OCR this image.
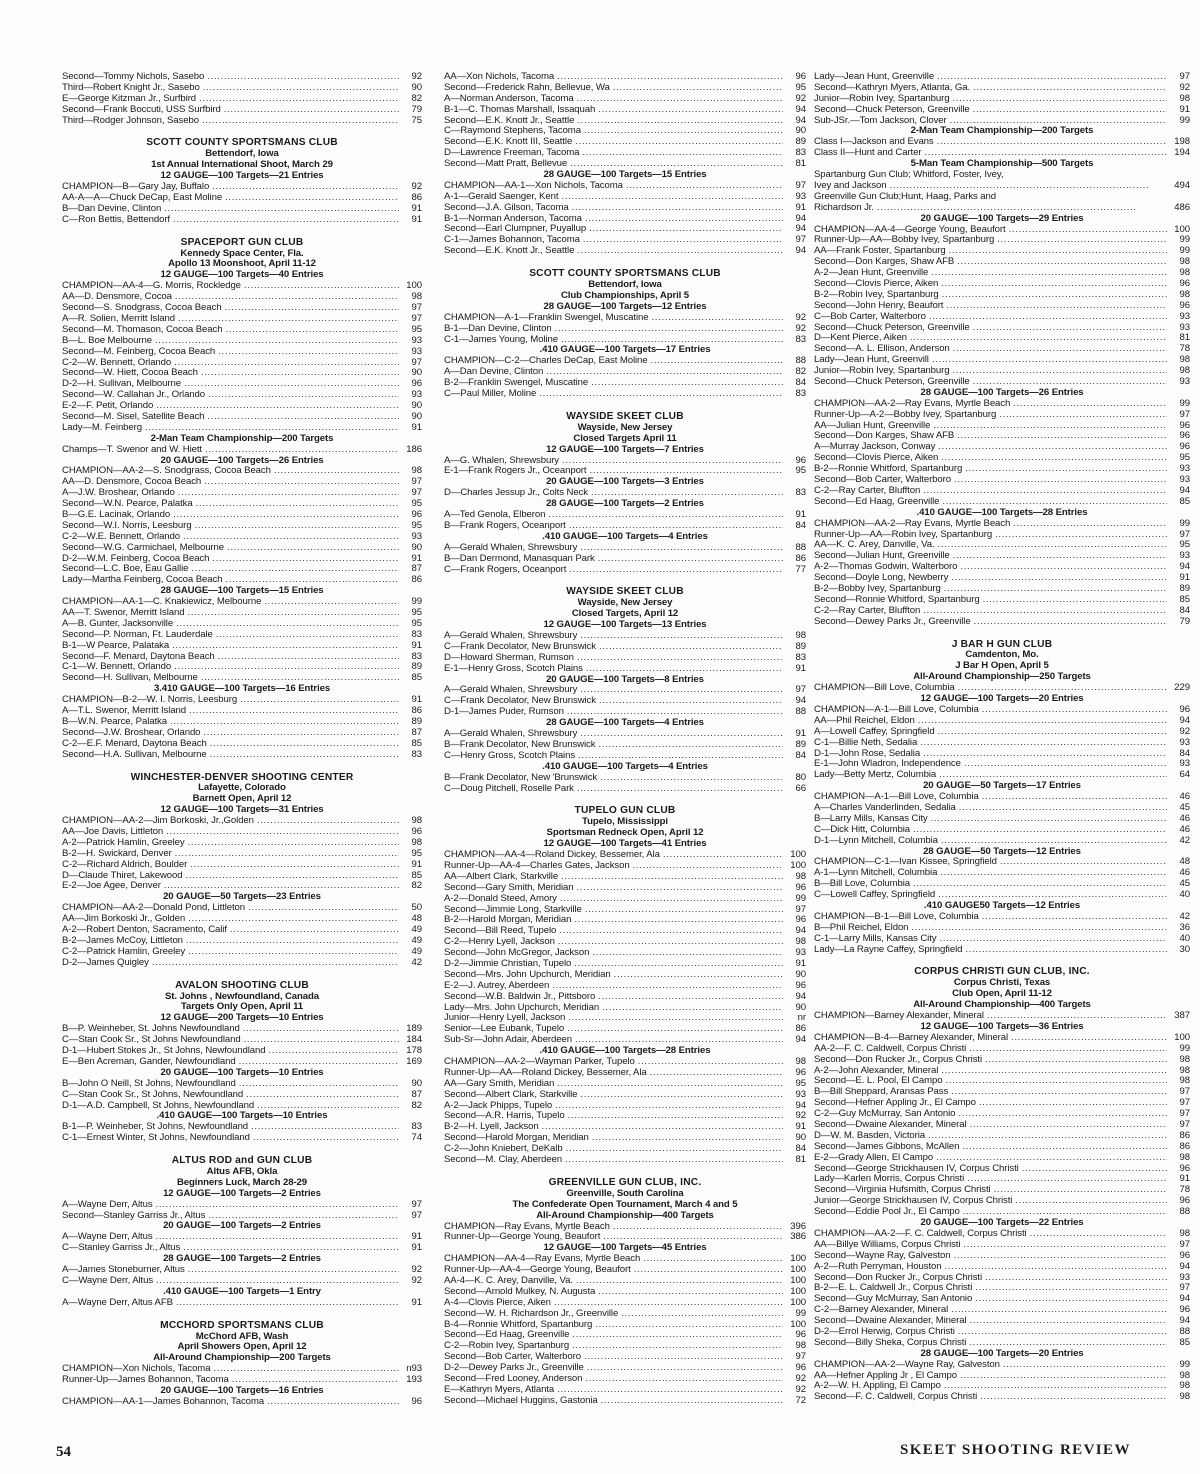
Second—Tommy Nichols, Sasebo . . .	92
Third—Robert Knight Jr., Sasebo . . .	90
E—George Kitzman Jr., Surfbird . . .	82
Second—Frank Boccuti, USS Surfbird . . .	79
Third—Rodger Johnson, Sasebo . . .	75
SCOTT COUNTY SPORTSMANS CLUB
Bettendorf, Iowa
1st Annual International Shoot, March 29
12 GAUGE—100 Targets—21 Entries
CHAMPION—B—Gary Jay, Buffalo . . .	92
AA-A—A—Chuck DeCap, East Moline . . .	86
B—Dan Devine, Clinton . . .	91
C—Ron Bettis, Bettendorf . . .	91
SPACEPORT GUN CLUB
Kennedy Space Center, Fla.
Apollo 13 Moonshoot, April 11-12
12 GAUGE—100 Targets—40 Entries
CHAMPION—AA-4—G. Morris, Rockledge . . .	100
AA—D. Densmore, Cocoa . . .	98
Second—S. Snodgrass, Cocoa Beach . . .	97
A—R. Solien, Merritt Island . . .	97
Second—M. Thomason, Cocoa Beach . . .	95
B—L. Boe Melbourne . . .	93
Second—M. Feinberg, Cocoa Beach . . .	93
C-2—W. Bennett, Orlando . . .	97
Second—W. Hiett, Cocoa Beach . . .	90
D-2—H. Sullivan, Melbourne . . .	96
Second—W. Callahan Jr., Orlando . . .	93
E-2—F. Petit, Orlando . . .	90
Second—M. Sisel, Satellite Beach . . .	90
Lady—M. Feinberg . . .	91
2-Man Team Championship—200 Targets
Champs—T. Swenor and W. Hiett . . .	186
20 GAUGE—100 Targets—26 Entries
CHAMPION—AA-2—S. Snodgrass, Cocoa Beach . . .	98
AA—D. Densmore, Cocoa Beach . . .	97
A—J.W. Broshear, Orlando . . .	97
Second—W.N. Pearce, Palatka . . .	95
B—G.E. Lacinak, Orlando . . .	96
Second—W.I. Norris, Leesburg . . .	95
C-2—W.E. Bennett, Orlando . . .	93
Second—W.G. Carmichael, Melbourne . . .	90
D-2—W.M. Feinberg, Cocoa Beach . . .	91
Second—L.C. Boe, Eau Gallie . . .	87
Lady—Martha Feinberg, Cocoa Beach . . .	86
28 GAUGE—100 Targets—15 Entries
CHAMPION—AA-1—C. Knakiewicz, Melbourne . . .	99
AA—T. Swenor, Merritt Island . . .	95
A—B. Gunter, Jacksonville . . .	95
Second—P. Norman, Ft. Lauderdale . . .	83
B-1—W Pearce, Palataka . . .	91
Second—F. Menard, Daytona Beach . . .	83
C-1—W. Bennett, Orlando . . .	89
Second—H. Sullivan, Melbourne . . .	85
3.410 GAUGE—100 Targets—16 Entries
CHAMPION—B-2—W. I. Norris, Leesburg . . .	91
A—T.L. Swenor, Merritt Island . . .	86
B—W.N. Pearce, Palatka . . .	89
Second—J.W. Broshear, Orlando . . .	87
C-2—E.F. Menard, Daytona Beach . . .	85
Second—H.A. Sullivan, Melbourne . . .	83
WINCHESTER-DENVER SHOOTING CENTER
Lafayette, Colorado
Barnett Open, April 12
12 GAUGE—100 Targets—31 Entries
CHAMPION—AA-2—Jim Borkoski, Jr.,Golden . . .	98
AA—Joe Davis, Littleton . . .	96
A-2—Patrick Hamlin, Greeley . . .	98
B-2—H. Swickard, Denver . . .	95
C-2—Richard Aldrich, Boulder . . .	91
D—Claude Thiret, Lakewood . . .	85
E-2—Joe Agee, Denver . . .	82
20 GAUGE—50 Targets—23 Entries
CHAMPION—AA-2—Donald Pond, Littleton . . .	50
AA—Jim Borkoski Jr., Golden . . .	48
A-2—Robert Denton, Sacramento, Calif . . .	49
B-2—James McCoy, Littleton . . .	49
C-2—Patrick Hamlin, Greeley . . .	49
D-2—James Quigley . . .	42
AVALON SHOOTING CLUB
St. Johns , Newfoundland, Canada
Targets Only Open, April 11
12 GAUGE—200 Targets—10 Entries
B—P. Weinheber, St. Johns Newfoundland . . .	189
C—Stan Cook Sr., St Johns Newfoundland . . .	184
D-1—Hubert Stokes Jr., St Johns, Newfoundland . . .	178
E—Ben Acreman, Gander, Newfoundland . . .	169
20 GAUGE—100 Targets—10 Entries
B—John O Neill, St Johns, Newfoundland . . .	90
C—Stan Cook Sr., St Johns, Newfoundland . . .	87
D-1—A.D. Campbell, St Johns, Newfoundland . . .	82
.410 GAUGE—100 Targets—10 Entries
B-1—P. Weinheber, St Johns, Newfoundland . . .	83
C-1—Ernest Winter, St Johns, Newfoundland . . .	74
ALTUS ROD and GUN CLUB
Altus AFB, Okla
Beginners Luck, March 28-29
12 GAUGE—100 Targets—2 Entries
A—Wayne Derr, Altus . . .	97
Second—Stanley Garriss Jr., Altus . . .	97
20 GAUGE—100 Targets—2 Entries
A—Wayne Derr, Altus . . .	91
C—Stanley Garriss Jr., Altus . . .	91
28 GAUGE—100 Targets—2 Entries
A—James Stoneburner, Altus . . .	92
C—Wayne Derr, Altus . . .	92
.410 GAUGE—100 Targets—1 Entry
A—Wayne Derr, Altus AFB . . .	91
MCCHORD SPORTSMANS CLUB
McChord AFB, Wash
April Showers Open, April 12
All-Around Championship—200 Targets
CHAMPION—Xon Nichols, Tacoma . . .	n93
Runner-Up—James Bohannon, Tacoma . . .	193
20 GAUGE—100 Targets—16 Entries
CHAMPION—AA-1—James Bohannon, Tacoma . . .	96
AA—Xon Nichols, Tacoma . . .	96
Second—Frederick Rahn, Bellevue, Wa . . .	95
A—Norman Anderson, Tacoma . . .	92
B-1—C. Thomas Marshall, Issaquah . . .	94
Second—E.K. Knott Jr., Seattle . . .	94
C—Raymond Stephens, Tacoma . . .	90
Second—E.K. Knott III, Seattle . . .	89
D—Lawrence Freeman, Tacoma . . .	83
Second—Matt Pratt, Bellevue . . .	81
28 GAUGE—100 Targets—15 Entries
CHAMPION—AA-1—Xon Nichols, Tacoma . . .	97
A-1—Gerald Saenger, Kent . . .	93
Second—J.A. Gilson, Tacoma . . .	91
B-1—Norman Anderson, Tacoma . . .	94
Second—Earl Clumpner, Puyallup . . .	94
C-1—James Bohannon, Tacoma . . .	97
Second—E.K. Knott Jr., Seattle . . .	94
SCOTT COUNTY SPORTSMANS CLUB
Bettendorf, Iowa
Club Championships, April 5
28 GAUGE—100 Targets—12 Entries
CHAMPION—A-1—Franklin Swengel, Muscatine . . .	92
B-1—Dan Devine, Clinton . . .	92
C-1—James Young, Moline . . .	83
.410 GAUGE—100 Targets—17 Entries
CHAMPION—C-2—Charles DeCap, East Moline . . .	88
A—Dan Devine, Clinton . . .	82
B-2—Franklin Swengel, Muscatine . . .	84
C—Paul Miller, Moline . . .	83
WAYSIDE SKEET CLUB
Wayside, New Jersey
Closed Targets April 11
12 GAUGE—100 Targets—7 Entries
A—G. Whalen, Shrewsbury . . .	96
E-1—Frank Rogers Jr., Oceanport . . .	95
20 GAUGE—100 Targets—3 Entries
D—Charles Jessup Jr., Colts Neck . . .	83
28 GAUGE—100 Targets—2 Entries
A—Ted Genola, Elberon . . .	91
B—Frank Rogers, Oceanport . . .	84
.410 GAUGE—100 Targets—4 Entries
A—Gerald Whalen, Shrewsbury . . .	88
B—Dan Dermond, Manasquan Park . . .	86
C—Frank Rogers, Oceanport . . .	77
WAYSIDE SKEET CLUB
Wayside, New Jersey
Closed Targets, April 12
12 GAUGE—100 Targets—13 Entries
A—Gerald Whalen, Shrewsbury . . .	98
C—Frank Decolator, New Brunswick . . .	89
D—Howard Sherman, Rumson . . .	83
E-1—Henry Gross, Scotch Plains . . .	91
20 GAUGE—100 Targets—8 Entries
A—Gerald Whalen, Shrewsbury . . .	97
C—Frank Decolator, New Brunswick . . .	94
D-1—James Puder, Rumson . . .	88
28 GAUGE—100 Targets—4 Entries
A—Gerald Whalen, Shrewsbury . . .	91
B—Frank Decolator, New Brunswick . . .	89
C—Henry Gross, Scotch Plains . . .	84
.410 GAUGE—100 Targets—4 Entries
B—Frank Decolator, New 'Brunswick . . .	80
C—Doug Pitchell, Roselle Park . . .	66
TUPELO GUN CLUB
Tupelo, Mississippi
Sportsman Redneck Open, April 12
12 GAUGE—100 Targets—41 Entries
CHAMPION—AA-4—Roland Dickey, Bessemer, Ala . . .	100
Runner-Up—AA-4—Charles Gates, Jackson . . .	100
AA—Albert Clark, Starkville . . .	98
Second—Gary Smith, Meridian . . .	96
A-2—Donald Steed, Amory . . .	99
Second—Jimmie Long, Starkville . . .	97
B-2—Harold Morgan, Meridian . . .	96
Second—Bill Reed, Tupelo . . .	94
C-2—Henry Lyell, Jackson . . .	98
Second—John McGregor, Jackson . . .	93
D-2—Jimmie Christian, Tupelo . . .	91
Second—Mrs. John Upchurch, Meridian . . .	90
E-2—J. Autrey, Aberdeen . . .	96
Second—W.B. Baldwin Jr., Pittsboro . . .	94
Lady—Mrs. John Upchurch, Meridian . . .	90
Junior—Henry Lyell, Jackson . . .	nr
Senior—Lee Eubank, Tupelo . . .	86
Sub-Sr—John Adair, Aberdeen . . .	94
.410 GAUGE—100 Targets—28 Entries
CHAMPION—AA-2—Wayman Parker, Tupelo . . .	98
Runner-Up—AA—Roland Dickey, Bessemer, Ala . . .	96
AA—Gary Smith, Meridian . . .	95
Second—Albert Clark, Starkville . . .	93
A-2—Jack Phipps, Tupelo . . .	94
Second—A.R. Harris, Tupelo . . .	92
B-2—H. Lyell, Jackson . . .	91
Second—Harold Morgan, Meridian . . .	90
C-2—John Kniebert, DeKalb . . .	84
Second—M. Clay, Aberdeen . . .	81
GREENVILLE GUN CLUB, INC.
Greenville, South Carolina
The Confederate Open Tournament, March 4 and 5
All-Around Championship—400 Targets
CHAMPION—Ray Evans, Myrtle Beach . . .	396
Runner-Up—George Young, Beaufort . . .	386
12 GAUGE—100 Targets—45 Entries
CHAMPION—AA-4—Ray Evans, Myrtle Beach . . .	100
Runner-Up—AA-4—George Young, Beaufort . . .	100
AA-4—K. C. Arey, Danville, Va. . . .	100
Second—Arnold Mulkey, N. Augusta . . .	100
A-4—Clovis Pierce, Aiken . . .	100
Second—W. H. Richardson Jr., Greenville . . .	99
B-4—Ronnie Whitford, Spartanburg . . .	100
Second—Ed Haag, Greenville . . .	96
C-2—Robin Ivey, Spartanburg . . .	98
Second—Bob Carter, Walterboro . . .	97
D-2—Dewey Parks Jr., Greenville . . .	96
Second—Fred Looney, Anderson . . .	92
E—Kathryn Myers, Atlanta . . .	92
Second—Michael Huggins, Gastonia . . .	72
Lady—Jean Hunt, Greenville . . .	97
Second—Kathryn Myers, Atlanta, Ga. . . .	92
Junior—Robin Ivey, Spartanburg . . .	98
Second—Chuck Peterson, Greenville . . .	91
Sub-JSr.—Tom Jackson, Clover . . .	99
2-Man Team Championship—200 Targets
Class I—Jackson and Evans . . .	198
Class II—Hunt and Carter . . .	194
5-Man Team Championship—500 Targets
Spartanburg Gun Club; Whitford, Foster, Ivey,
Ivey and Jackson . . .	494
Greenville Gun Club;Hunt, Haag, Parks and
Richardson Jr. . . .	486
20 GAUGE—100 Targets—29 Entries
CHAMPION—AA-4—George Young, Beaufort . . .	100
Runner-Up—AA—Bobby Ivey, Spartanburg . . .	99
AA—Frank Foster, Spartanburg . . .	99
Second—Don Karges, Shaw AFB . . .	98
A-2—Jean Hunt, Greenville . . .	98
Second—Clovis Pierce, Aiken . . .	96
B-2—Robin Ivey, Spartanburg . . .	98
Second—John Henry, Beaufort . . .	96
C—Bob Carter, Walterboro . . .	93
Second—Chuck Peterson, Greenville . . .	93
D—Kent Pierce, Aiken . . .	81
Second—A. L. Ellison, Anderson . . .	78
Lady—Jean Hunt, Greenvill . . .	98
Junior—Robin Ivey, Spartanburg . . .	98
Second—Chuck Peterson, Greenville . . .	93
28 GAUGE—100 Targets—26 Entries
CHAMPION—AA-2—Ray Evans, Myrtle Beach . . .	99
Runner-Up—A-2—Bobby Ivey, Spartanburg . . .	97
AA—Julian Hunt, Greenville . . .	96
Second—Don Karges, Shaw AFB . . .	96
A—Murray Jackson, Conway . . .	96
Second—Clovis Pierce, Aiken . . .	95
B-2—Ronnie Whitford, Spartanburg . . .	93
Second—Bob Carter, Walterboro . . .	93
C-2—Ray Carter, Bluffton . . .	94
Second—Ed Haag, Greenville . . .	85
.410 GAUGE—100 Targets—28 Entries
CHAMPION—AA-2—Ray Evans, Myrtle Beach . . .	99
Runner-Up—AA—Robin Ivey, Spartanburg . . .	97
AA—K. C. Arey, Danville, Va. . . .	95
Second—Julian Hunt, Greenville . . .	93
A-2—Thomas Godwin, Walterboro . . .	94
Second—Doyle Long, Newberry . . .	91
B-2—Bobby Ivey, Spartanburg . . .	89
Second—Ronnie Whitford, Spartanburg . . .	85
C-2—Ray Carter, Bluffton . . .	84
Second—Dewey Parks Jr., Greenville . . .	79
J BAR H GUN CLUB
Camdenton, Mo.
J Bar H Open, April 5
All-Around Championship—250 Targets
CHAMPION—Bill Love, Columbia . . .	229
12 GAUGE—100 Targets—20 Entries
CHAMPION—A-1—Bill Love, Columbia . . .	96
AA—Phil Reichel, Eldon . . .	94
A—Lowell Caffey, Springfield . . .	92
C-1—Billie Neth, Sedalia . . .	93
D-1—John Rose, Sedalia . . .	84
E-1—John Wladron, Independence . . .	93
Lady—Betty Mertz, Columbia . . .	64
20 GAUGE—50 Targets—17 Entries
CHAMPION—A-1—Bill Love, Columbia . . .	46
A—Charles Vanderlinden, Sedalia . . .	45
B—Larry Mills, Kansas City . . .	46
C—Dick Hitt, Columbia . . .	46
D-1—Lynn Mitchell, Columbia . . .	42
28 GAUGE—50 Targets—12 Entries
CHAMPION—C-1—Ivan Kissee, Springfield . . .	48
A-1—Lynn Mitchell, Columbia . . .	46
B—Bill Love, Columbia . . .	45
C—Lowell Caffey, Springfield . . .	40
.410 GAUGE50 Targets—12 Entries
CHAMPION—B-1—Bill Love, Columbia . . .	42
B—Phil Reichel, Eldon . . .	36
C-1—Larry Mills, Kansas City . . .	40
Lady—La Rayne Caffey, Springfield . . .	30
CORPUS CHRISTI GUN CLUB, INC.
Corpus Christi, Texas
Club Open, April 11-12
All-Around Championship—400 Targets
CHAMPION—Barney Alexander, Mineral . . .	387
12 GAUGE—100 Targets—36 Entries
CHAMPION—B-4—Barney Alexander, Mineral . . .	100
AA-2—F. C. Caldwell, Corpus Christi . . .	99
Second—Don Rucker Jr., Corpus Christi . . .	98
A-2—John Alexander, Mineral . . .	98
Second—E. L. Pool, El Campo . . .	98
B—Bill Sheppard, Aransas Pass . . .	97
Second—Hefner Appling Jr., El Campo . . .	97
C-2—Guy McMurray, San Antonio . . .	97
Second—Dwaine Alexander, Mineral . . .	97
D—W. M. Basden, Victoria . . .	86
Second—James Gibbons, McAllen . . .	86
E-2—Grady Allen, El Campo . . .	98
Second—George Strickhausen IV, Corpus Christi . . .	96
Lady—Karlen Morris, Corpus Christi . . .	91
Second—Virginia Hufsmith, Corpus Christi . . .	78
Junior—George Strickhausen IV, Corpus Christi . . .	96
Second—Eddie Pool Jr., El Campo . . .	88
20 GAUGE—100 Targets—22 Entries
CHAMPION—AA-2—F. C. Caldwell, Corpus Christi . . .	98
AA—Billye Williams, Corpus Christi . . .	97
Second—Wayne Ray, Galveston . . .	96
A-2—Ruth Perryman, Houston . . .	94
Second—Don Rucker Jr., Corpus Christi . . .	93
B-2—E. L. Caldwell Jr., Corpus Christi . . .	97
Second—Guy McMurray, San Antonio . . .	94
C-2—Barney Alexander, Mineral . . .	96
Second—Dwaine Alexander, Mineral . . .	94
D-2—Errol Herwig, Corpus Christi . . .	88
Second—Billy Sheka, Corpus Christi . . .	85
28 GAUGE—100 Targets—20 Entries
CHAMPION—AA-2—Wayne Ray, Galveston . . .	99
AA—Hefner Appling Jr , El Campo . . .	98
A-2—W. H. Appling, El Campo . . .	98
Second—F. C. Caldwell, Corpus Christi . . .	98
54	SKEET SHOOTING REVIEW
